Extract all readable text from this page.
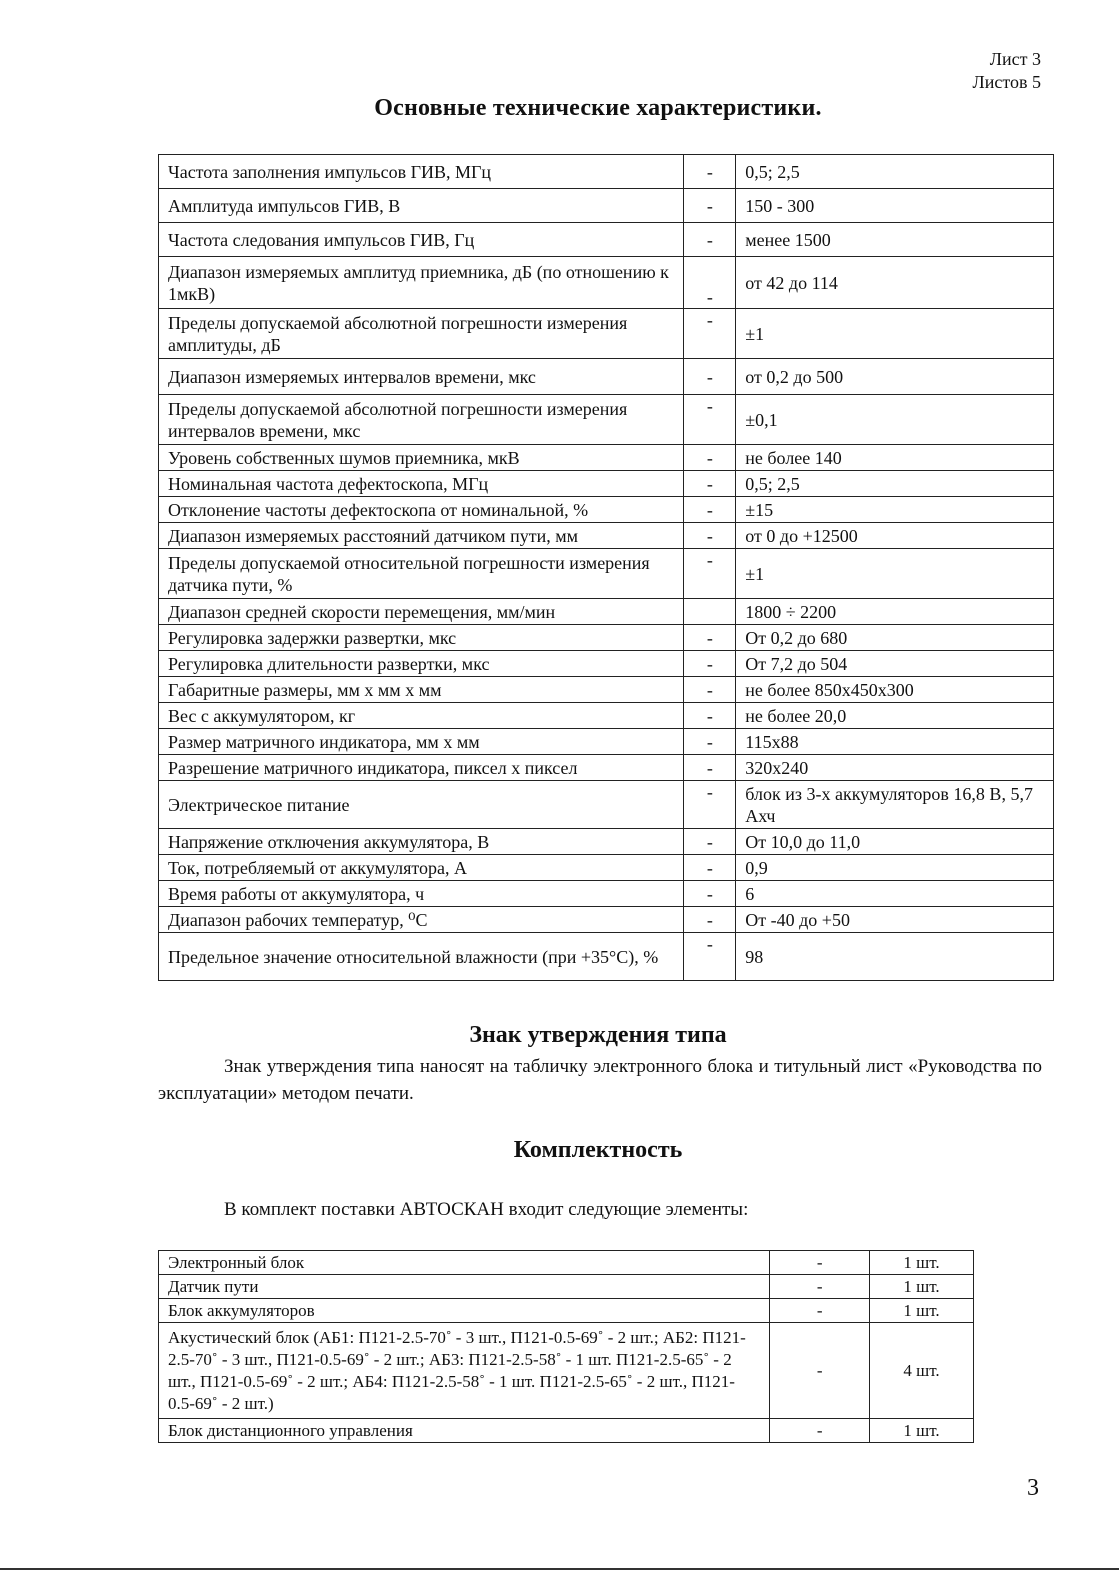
Лист 3
Листов 5
Основные технические характеристики.
Частота заполнения импульсов ГИВ, МГц	-	0,5; 2,5
Амплитуда импульсов ГИВ, В	-	150 - 300
Частота следования импульсов ГИВ, Гц	-	менее 1500
Диапазон измеряемых амплитуд приемника, дБ (по отношению к 1мкВ)	-	от 42 до 114
Пределы допускаемой абсолютной погрешности измерения амплитуды, дБ	-	±1
Диапазон измеряемых интервалов времени, мкс	-	от 0,2 до 500
Пределы допускаемой абсолютной погрешности измерения интервалов времени, мкс	-	±0,1
Уровень собственных шумов приемника, мкВ	-	не более 140
Номинальная частота дефектоскопа, МГц	-	0,5; 2,5
Отклонение частоты дефектоскопа от номинальной, %	-	±15
Диапазон измеряемых расстояний датчиком пути, мм	-	от 0 до +12500
Пределы допускаемой относительной погрешности измерения датчика пути, %	-	±1
Диапазон средней скорости перемещения, мм/мин		1800 ÷ 2200
Регулировка задержки развертки, мкс	-	От 0,2 до 680
Регулировка длительности развертки, мкс	-	От 7,2 до 504
Габаритные размеры, мм х мм х мм	-	не более 850х450х300
Вес с аккумулятором, кг	-	не более 20,0
Размер матричного индикатора, мм х мм	-	115х88
Разрешение матричного индикатора, пиксел х пиксел	-	320х240
Электрическое питание	-	блок из 3-х аккумуляторов 16,8 В, 5,7 Ахч
Напряжение отключения аккумулятора, В	-	От 10,0 до 11,0
Ток, потребляемый от аккумулятора, А	-	0,9
Время работы от аккумулятора, ч	-	6
Диапазон рабочих температур, ⁰С	-	От -40 до +50
Предельное значение относительной влажности (при +35°С), %	-	98
Знак утверждения типа
Знак утверждения типа наносят на табличку электронного блока и титульный лист «Руководства по эксплуатации» методом печати.
Комплектность
В комплект поставки АВТОСКАН входит следующие элементы:
Электронный блок	-	1 шт.
Датчик пути	-	1 шт.
Блок аккумуляторов	-	1 шт.
Акустический блок (АБ1: П121-2.5-70˚ - 3 шт., П121-0.5-69˚ - 2 шт.; АБ2: П121-2.5-70˚ - 3 шт., П121-0.5-69˚ - 2 шт.; АБ3: П121-2.5-58˚ - 1 шт. П121-2.5-65˚ - 2 шт., П121-0.5-69˚ - 2 шт.; АБ4: П121-2.5-58˚ - 1 шт. П121-2.5-65˚ - 2 шт., П121-0.5-69˚ - 2 шт.)	-	4 шт.
Блок дистанционного управления	-	1 шт.
3
